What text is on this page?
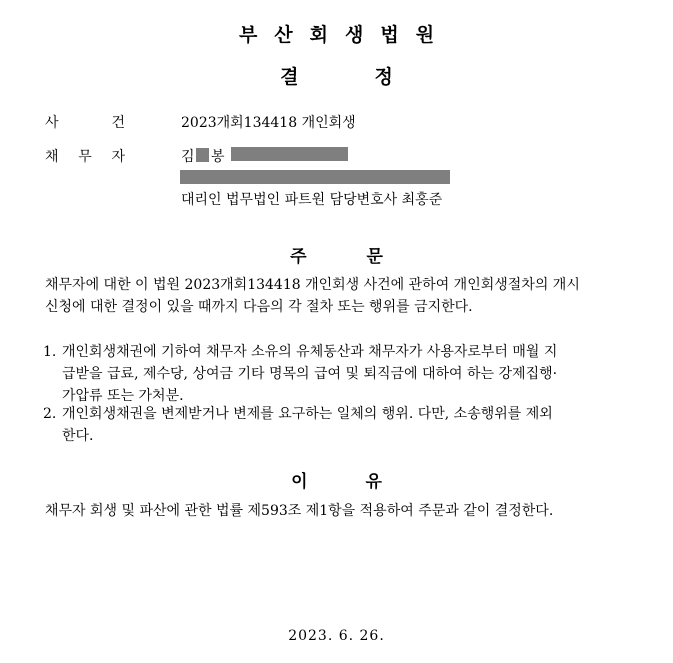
부산회생법원
결정
사	건	2023개회134418 개인회생
채 무 자	김 봉
대리인 법무법인 파트원 담당변호사 최홍준
주문
채무자에 대한 이 법원 2023개회134418 개인회생 사건에 관하여 개인회생절차의 개시
신청에 대한 결정이 있을 때까지 다음의 각 절차 또는 행위를 금지한다.
1. 개인회생채권에 기하여 채무자 소유의 유체동산과 채무자가 사용자로부터 매월 지
급받을 급료, 제수당, 상여금 기타 명목의 급여 및 퇴직금에 대하여 하는 강제집행·
가압류 또는 가처분.
2. 개인회생채권을 변제받거나 변제를 요구하는 일체의 행위. 다만, 소송행위를 제외
한다.
이유
채무자 회생 및 파산에 관한 법률 제593조 제1항을 적용하여 주문과 같이 결정한다.
2023. 6. 26.
